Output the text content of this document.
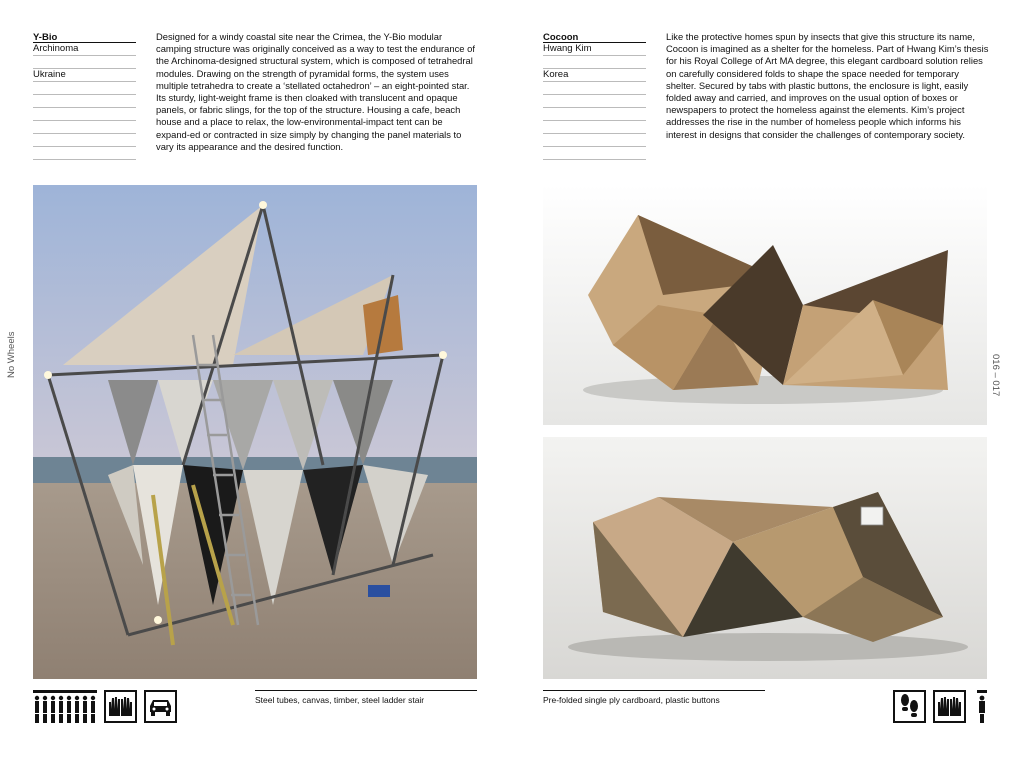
No Wheels	016 – 017
Y-Bio
Archinoma
Ukraine
Designed for a windy coastal site near the Crimea, the Y-Bio modular camping structure was originally conceived as a way to test the endurance of the Archinoma-designed structural system, which is composed of tetrahedral modules. Drawing on the strength of pyramidal forms, the system uses multiple tetrahedra to create a ‘stellated octahedron’ – an eight-pointed star. Its sturdy, light-weight frame is then cloaked with translucent and opaque panels, or fabric slings, for the top of the structure. Housing a cafe, beach house and a place to relax, the low-environmental-impact tent can be expand-ed or contracted in size simply by changing the panel materials to vary its appearance and the desired function.
Cocoon
Hwang Kim
Korea
Like the protective homes spun by insects that give this structure its name, Cocoon is imagined as a shelter for the homeless. Part of Hwang Kim’s thesis for his Royal College of Art MA degree, this elegant cardboard solution relies on carefully considered folds to shape the space needed for temporary shelter. Secured by tabs with plastic buttons, the enclosure is light, easily folded away and carried, and improves on the usual option of boxes or newspapers to protect the homeless against the elements. Kim’s project addresses the rise in the number of homeless people which informs his interest in designs that consider the challenges of contemporary society.
Steel tubes, canvas, timber, steel ladder stair	Pre-folded single ply cardboard, plastic buttons
